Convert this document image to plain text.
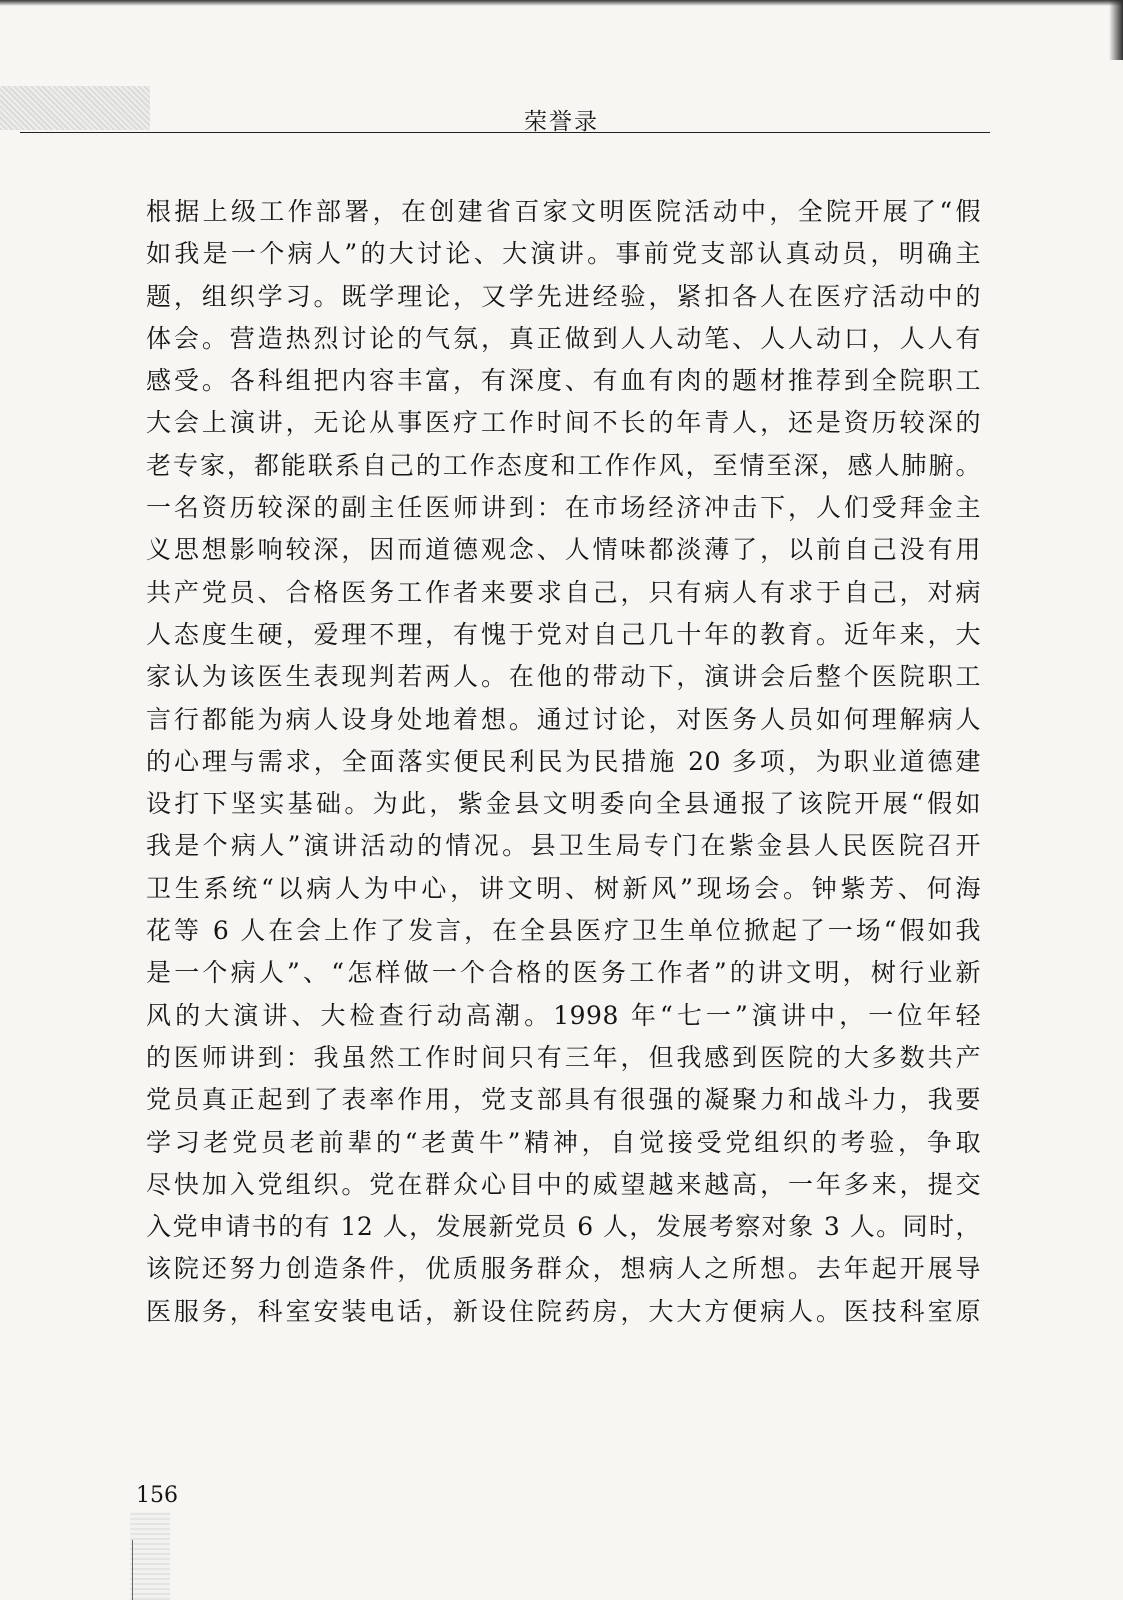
荣誉录
根据上级工作部署，在创建省百家文明医院活动中，全院开展了“假
如我是一个病人”的大讨论、大演讲。事前党支部认真动员，明确主
题，组织学习。既学理论，又学先进经验，紧扣各人在医疗活动中的
体会。营造热烈讨论的气氛，真正做到人人动笔、人人动口，人人有
感受。各科组把内容丰富，有深度、有血有肉的题材推荐到全院职工
大会上演讲，无论从事医疗工作时间不长的年青人，还是资历较深的
老专家，都能联系自己的工作态度和工作作风，至情至深，感人肺腑。
一名资历较深的副主任医师讲到：在市场经济冲击下，人们受拜金主
义思想影响较深，因而道德观念、人情味都淡薄了，以前自己没有用
共产党员、合格医务工作者来要求自己，只有病人有求于自己，对病
人态度生硬，爱理不理，有愧于党对自己几十年的教育。近年来，大
家认为该医生表现判若两人。在他的带动下，演讲会后整个医院职工
言行都能为病人设身处地着想。通过讨论，对医务人员如何理解病人
的心理与需求，全面落实便民利民为民措施 20 多项，为职业道德建
设打下坚实基础。为此，紫金县文明委向全县通报了该院开展“假如
我是个病人”演讲活动的情况。县卫生局专门在紫金县人民医院召开
卫生系统“以病人为中心，讲文明、树新风”现场会。钟紫芳、何海
花等 6 人在会上作了发言，在全县医疗卫生单位掀起了一场“假如我
是一个病人”、“怎样做一个合格的医务工作者”的讲文明，树行业新
风的大演讲、大检查行动高潮。1998 年“七一”演讲中，一位年轻
的医师讲到：我虽然工作时间只有三年，但我感到医院的大多数共产
党员真正起到了表率作用，党支部具有很强的凝聚力和战斗力，我要
学习老党员老前辈的“老黄牛”精神，自觉接受党组织的考验，争取
尽快加入党组织。党在群众心目中的威望越来越高，一年多来，提交
入党申请书的有 12 人，发展新党员 6 人，发展考察对象 3 人。同时，
该院还努力创造条件，优质服务群众，想病人之所想。去年起开展导
医服务，科室安装电话，新设住院药房，大大方便病人。医技科室原
156
